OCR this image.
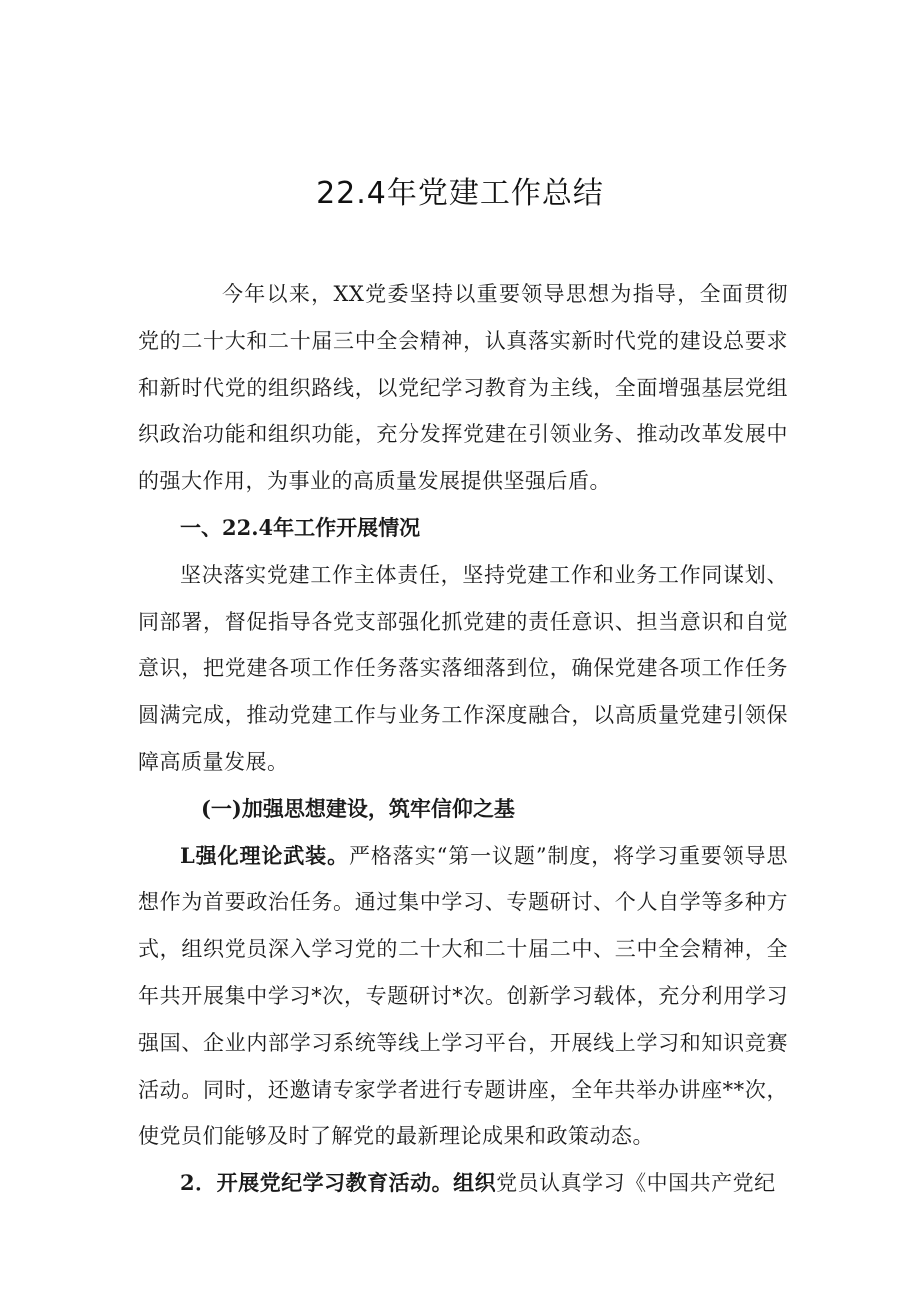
22.4年党建工作总结

今年以来，XX党委坚持以重要领导思想为指导，全面贯彻党的二十大和二十届三中全会精神，认真落实新时代党的建设总要求和新时代党的组织路线，以党纪学习教育为主线，全面增强基层党组织政治功能和组织功能，充分发挥党建在引领业务、推动改革发展中的强大作用，为事业的高质量发展提供坚强后盾。

一、22.4年工作开展情况

坚决落实党建工作主体责任，坚持党建工作和业务工作同谋划、同部署，督促指导各党支部强化抓党建的责任意识、担当意识和自觉意识，把党建各项工作任务落实落细落到位，确保党建各项工作任务圆满完成，推动党建工作与业务工作深度融合，以高质量党建引领保障高质量发展。

(一)加强思想建设，筑牢信仰之基

L强化理论武装。严格落实“第一议题”制度，将学习重要领导思想作为首要政治任务。通过集中学习、专题研讨、个人自学等多种方式，组织党员深入学习党的二十大和二十届二中、三中全会精神，全年共开展集中学习*次，专题研讨*次。创新学习载体，充分利用学习强国、企业内部学习系统等线上学习平台，开展线上学习和知识竞赛活动。同时，还邀请专家学者进行专题讲座，全年共举办讲座**次，使党员们能够及时了解党的最新理论成果和政策动态。

2．开展党纪学习教育活动。组织党员认真学习《中国共产党纪
